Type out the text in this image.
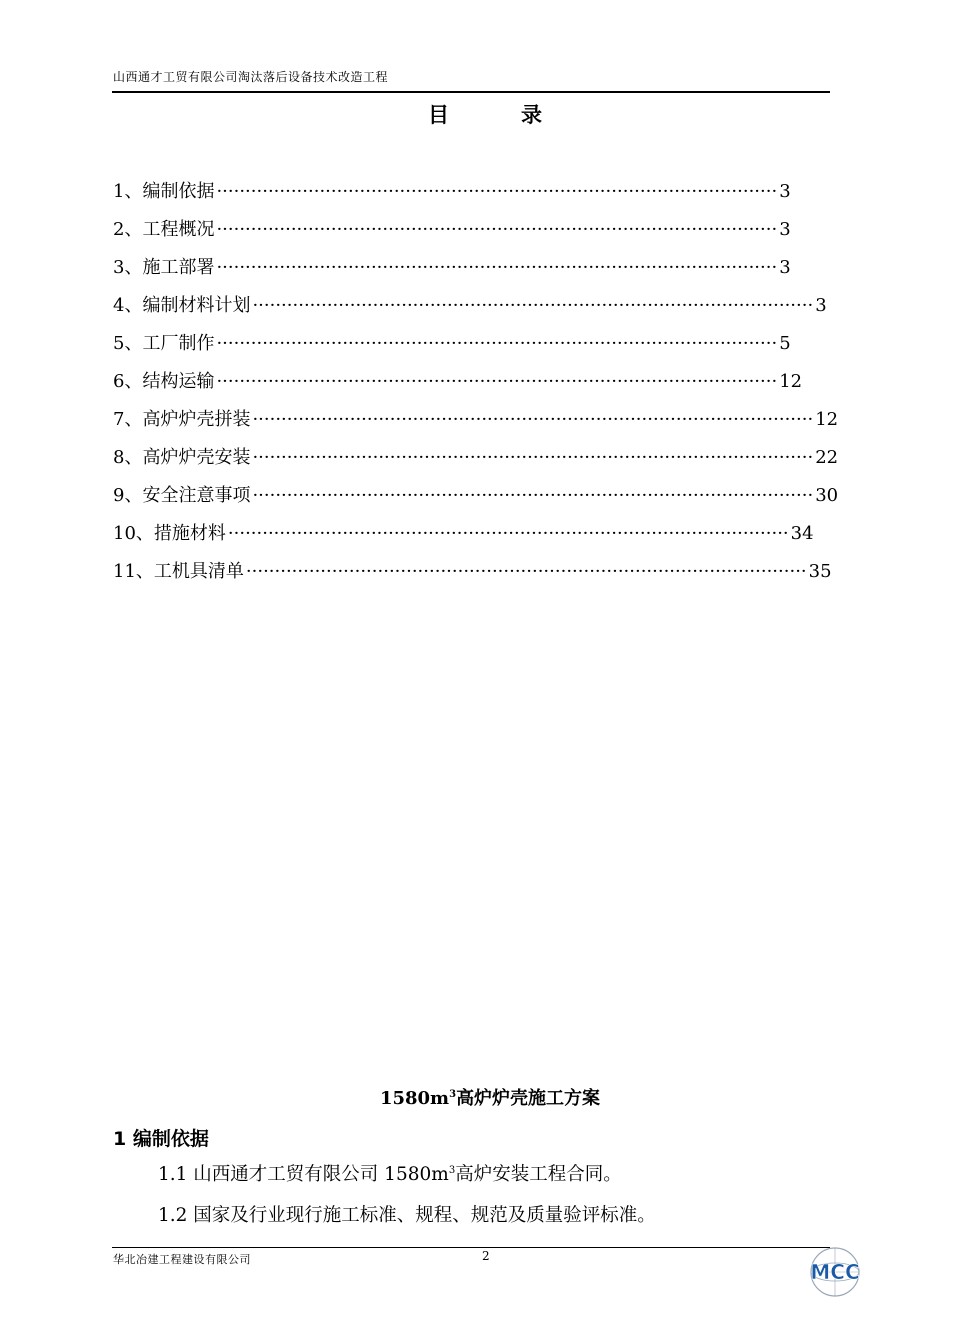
山西通才工贸有限公司淘汰落后设备技术改造工程
目	录
1、编制依据 ·································································································· 3
2、工程概况 ·································································································· 3
3、施工部署 ·································································································· 3
4、编制材料计划 ·································································································· 3
5、工厂制作 ·································································································· 5
6、结构运输 ·································································································· 12
7、高炉炉壳拼装 ·································································································· 12
8、高炉炉壳安装 ·································································································· 22
9、安全注意事项 ·································································································· 30
10、措施材料 ·································································································· 34
11、工机具清单 ·································································································· 35
$1580m^3$高炉炉壳施工方案
1 编制依据
1.1 山西通才工贸有限公司 $1580m^3$高炉安装工程合同。
1.2 国家及行业现行施工标准、规程、规范及质量验评标准。
华北冶建工程建设有限公司	2
MCC
